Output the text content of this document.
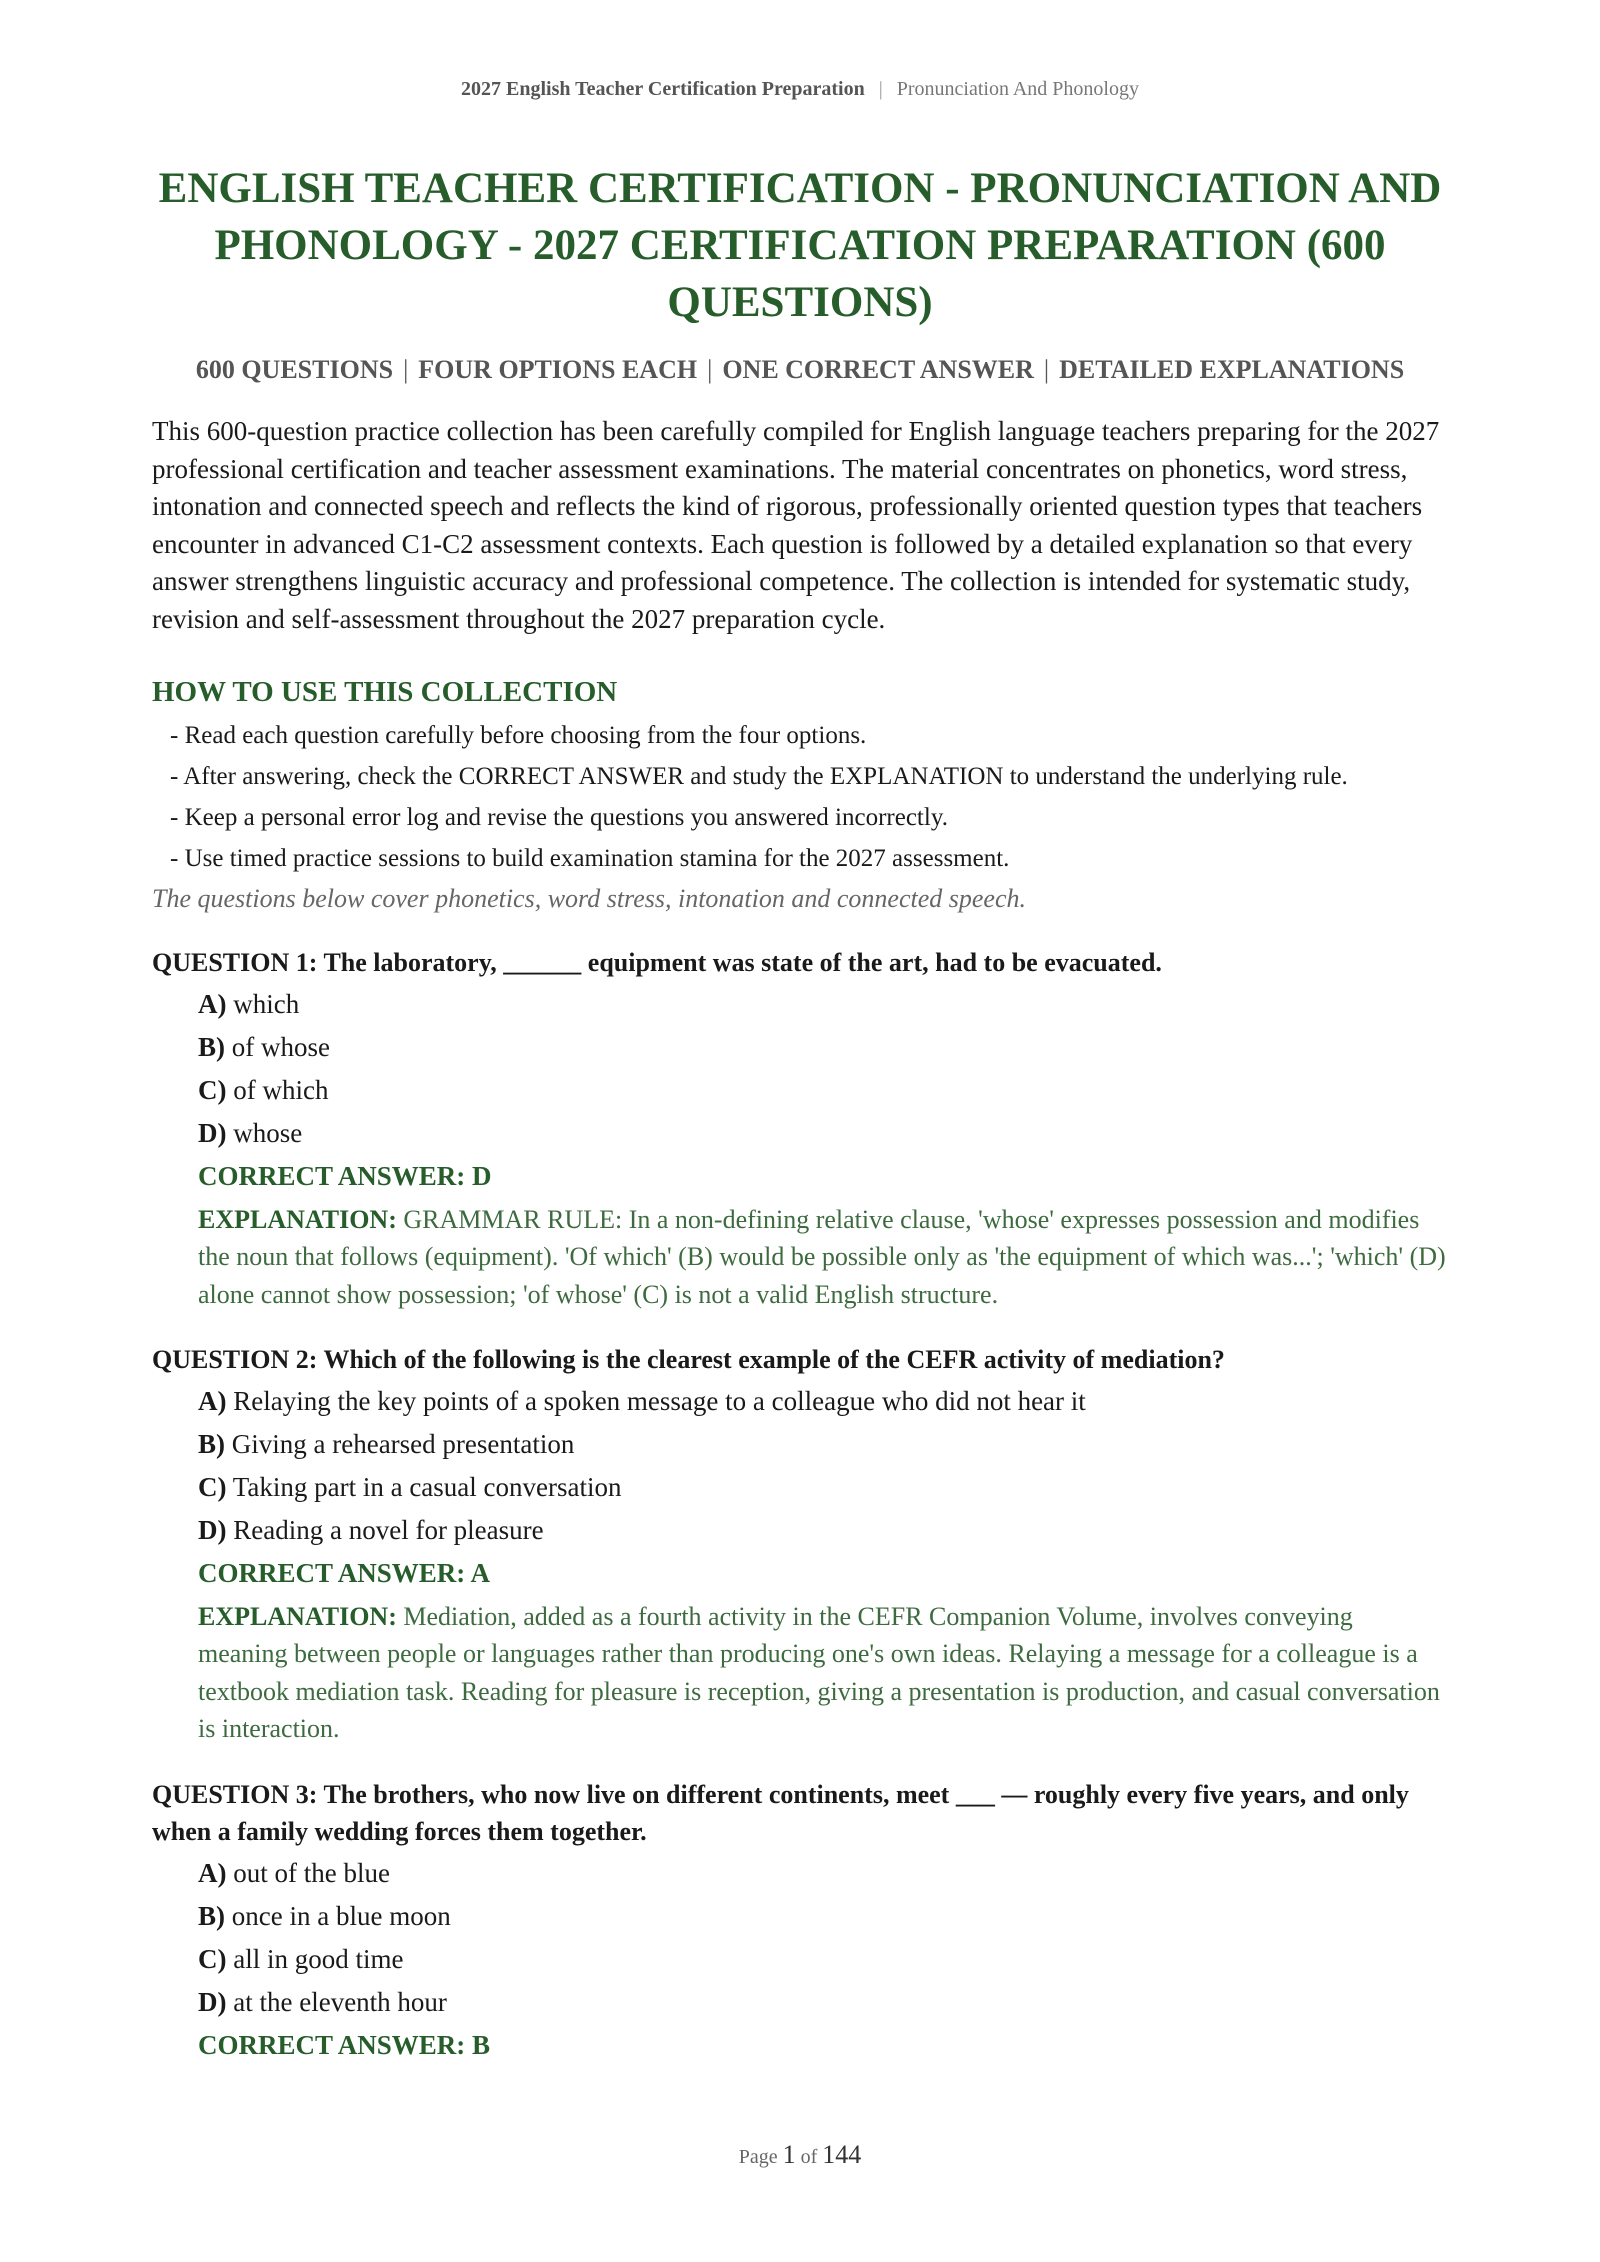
2027 English Teacher Certification Preparation | Pronunciation And Phonology
ENGLISH TEACHER CERTIFICATION - PRONUNCIATION AND PHONOLOGY - 2027 CERTIFICATION PREPARATION (600 QUESTIONS)
600 QUESTIONS | FOUR OPTIONS EACH | ONE CORRECT ANSWER | DETAILED EXPLANATIONS

This 600-question practice collection has been carefully compiled for English language teachers preparing for the 2027 professional certification and teacher assessment examinations. The material concentrates on phonetics, word stress, intonation and connected speech and reflects the kind of rigorous, professionally oriented question types that teachers encounter in advanced C1-C2 assessment contexts. Each question is followed by a detailed explanation so that every answer strengthens linguistic accuracy and professional competence. The collection is intended for systematic study, revision and self-assessment throughout the 2027 preparation cycle.

HOW TO USE THIS COLLECTION
- Read each question carefully before choosing from the four options.
- After answering, check the CORRECT ANSWER and study the EXPLANATION to understand the underlying rule.
- Keep a personal error log and revise the questions you answered incorrectly.
- Use timed practice sessions to build examination stamina for the 2027 assessment.
The questions below cover phonetics, word stress, intonation and connected speech.
QUESTION 1: The laboratory, ______ equipment was state of the art, had to be evacuated.
A) which
B) of whose
C) of which
D) whose
CORRECT ANSWER: D
EXPLANATION: GRAMMAR RULE: In a non-defining relative clause, 'whose' expresses possession and modifies the noun that follows (equipment). 'Of which' (B) would be possible only as 'the equipment of which was...'; 'which' (D) alone cannot show possession; 'of whose' (C) is not a valid English structure.
QUESTION 2: Which of the following is the clearest example of the CEFR activity of mediation?
A) Relaying the key points of a spoken message to a colleague who did not hear it
B) Giving a rehearsed presentation
C) Taking part in a casual conversation
D) Reading a novel for pleasure
CORRECT ANSWER: A
EXPLANATION: Mediation, added as a fourth activity in the CEFR Companion Volume, involves conveying meaning between people or languages rather than producing one's own ideas. Relaying a message for a colleague is a textbook mediation task. Reading for pleasure is reception, giving a presentation is production, and casual conversation is interaction.
QUESTION 3: The brothers, who now live on different continents, meet ___ — roughly every five years, and only when a family wedding forces them together.
A) out of the blue
B) once in a blue moon
C) all in good time
D) at the eleventh hour
CORRECT ANSWER: B
Page 1 of 144
